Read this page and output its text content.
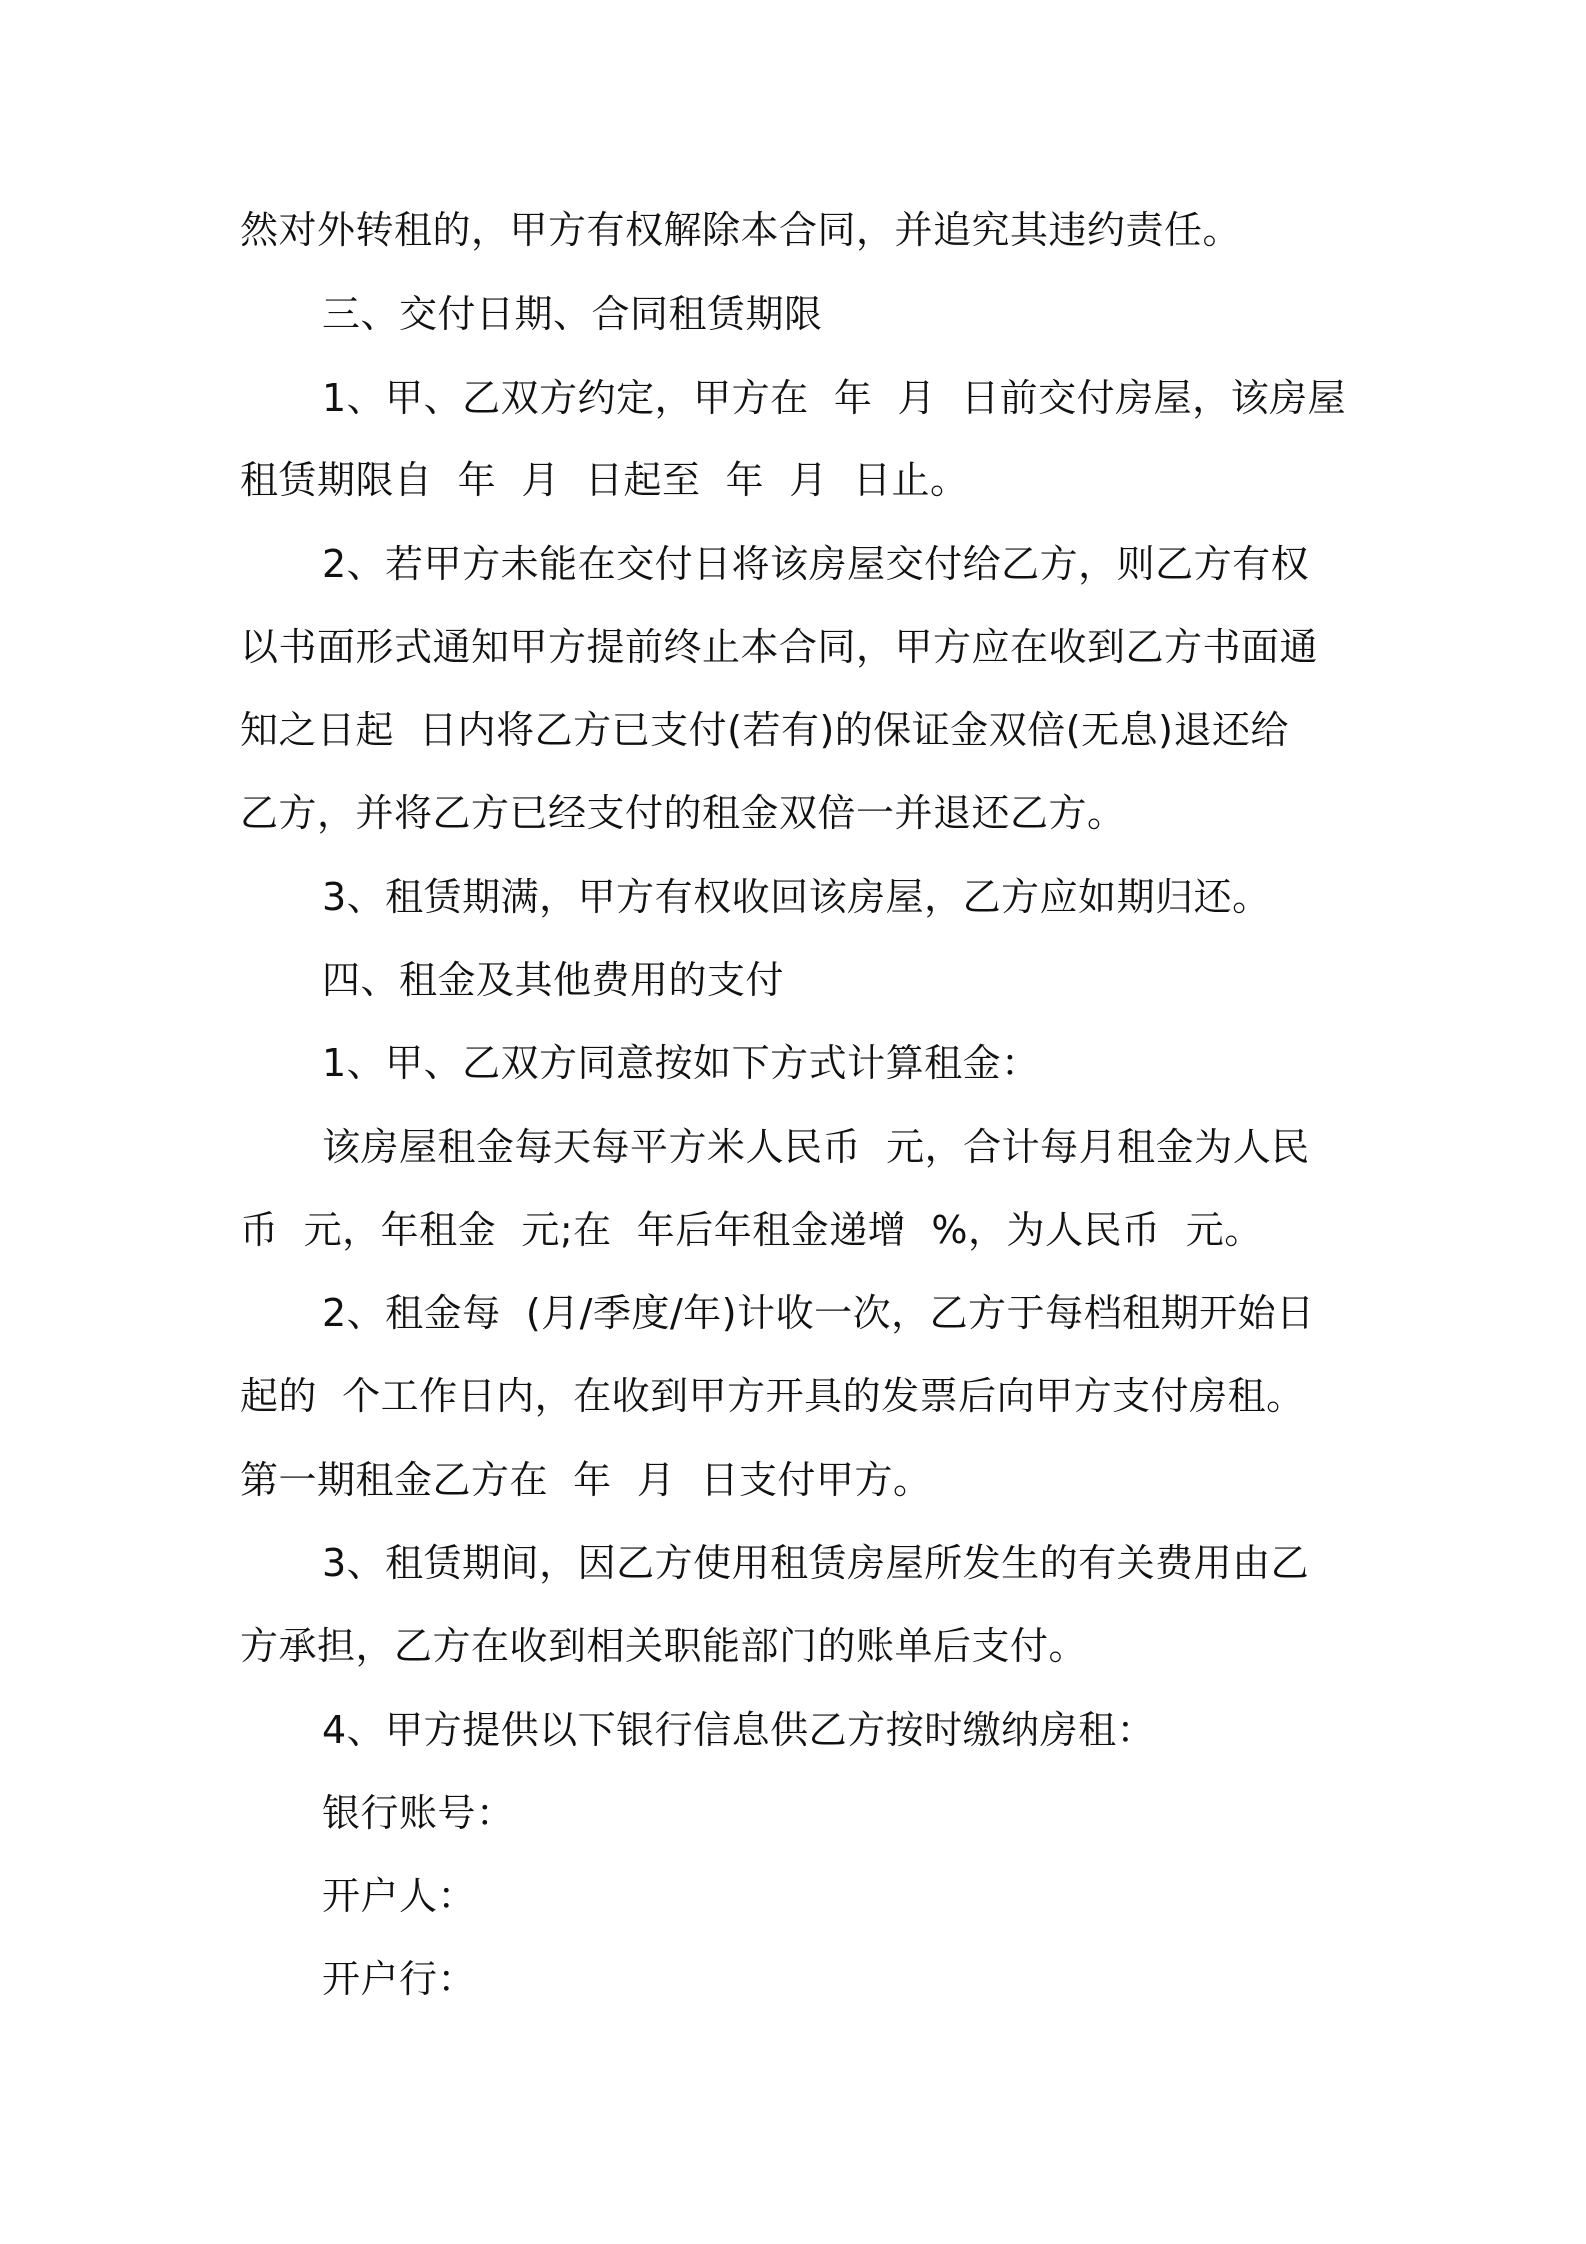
然对外转租的，甲方有权解除本合同，并追究其违约责任。
三、交付日期、合同租赁期限
1、甲、乙双方约定，甲方在  年  月  日前交付房屋，该房屋
租赁期限自  年  月  日起至  年  月  日止。
2、若甲方未能在交付日将该房屋交付给乙方，则乙方有权
以书面形式通知甲方提前终止本合同，甲方应在收到乙方书面通
知之日起  日内将乙方已支付(若有)的保证金双倍(无息)退还给
乙方，并将乙方已经支付的租金双倍一并退还乙方。
3、租赁期满，甲方有权收回该房屋，乙方应如期归还。
四、租金及其他费用的支付
1、甲、乙双方同意按如下方式计算租金：
该房屋租金每天每平方米人民币  元，合计每月租金为人民
币  元，年租金  元;在  年后年租金递增  %，为人民币  元。
2、租金每  (月/季度/年)计收一次，乙方于每档租期开始日
起的  个工作日内，在收到甲方开具的发票后向甲方支付房租。
第一期租金乙方在  年  月  日支付甲方。
3、租赁期间，因乙方使用租赁房屋所发生的有关费用由乙
方承担，乙方在收到相关职能部门的账单后支付。
4、甲方提供以下银行信息供乙方按时缴纳房租：
银行账号：
开户人：
开户行：
